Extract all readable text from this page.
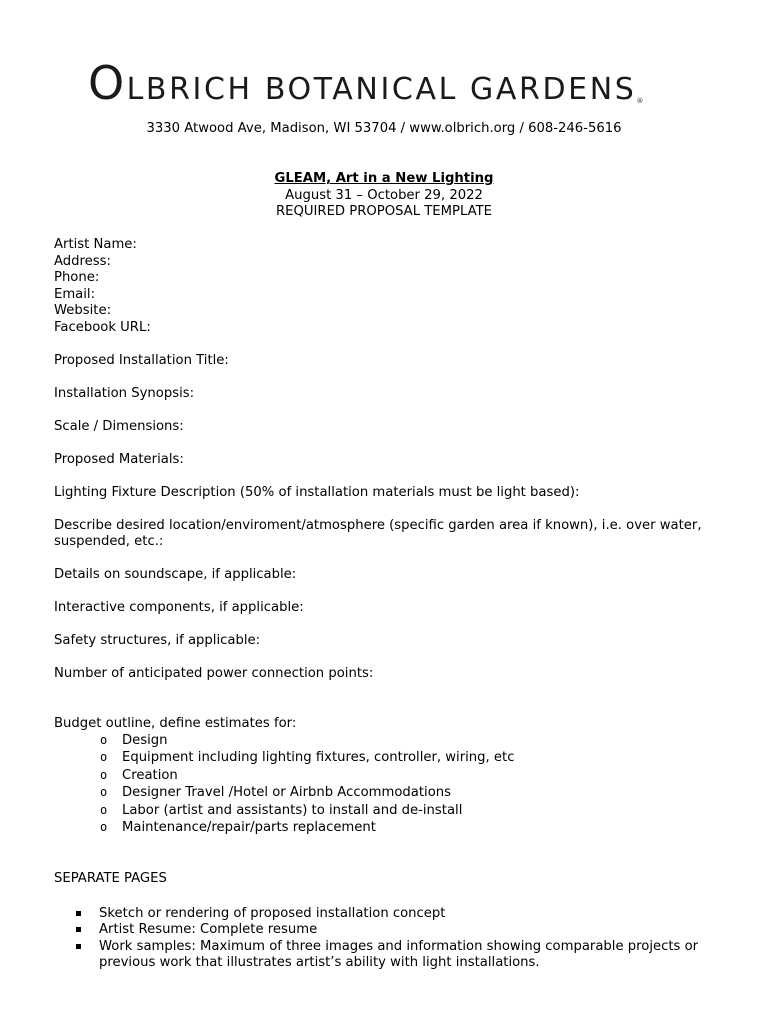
OLBRICH BOTANICAL $GARDENS_®$
3330 Atwood Ave, Madison, WI 53704 / www.olbrich.org / 608-246-5616
GLEAM, Art in a New Lighting
August 31 – October 29, 2022
REQUIRED PROPOSAL TEMPLATE
Artist Name:
Address:
Phone:
Email:
Website:
Facebook URL:
Proposed Installation Title:
Installation Synopsis:
Scale / Dimensions:
Proposed Materials:
Lighting Fixture Description (50% of installation materials must be light based):
Describe desired location/enviroment/atmosphere (specific garden area if known), i.e. over water, suspended, etc.:
Details on soundscape, if applicable:
Interactive components, if applicable:
Safety structures, if applicable:
Number of anticipated power connection points:
Budget outline, define estimates for:
o Design
o Equipment including lighting fixtures, controller, wiring, etc
o Creation
o Designer Travel /Hotel or Airbnb Accommodations
o Labor (artist and assistants) to install and de-install
o Maintenance/repair/parts replacement
SEPARATE PAGES
Sketch or rendering of proposed installation concept
Artist Resume: Complete resume
Work samples: Maximum of three images and information showing comparable projects or previous work that illustrates artist’s ability with light installations.
